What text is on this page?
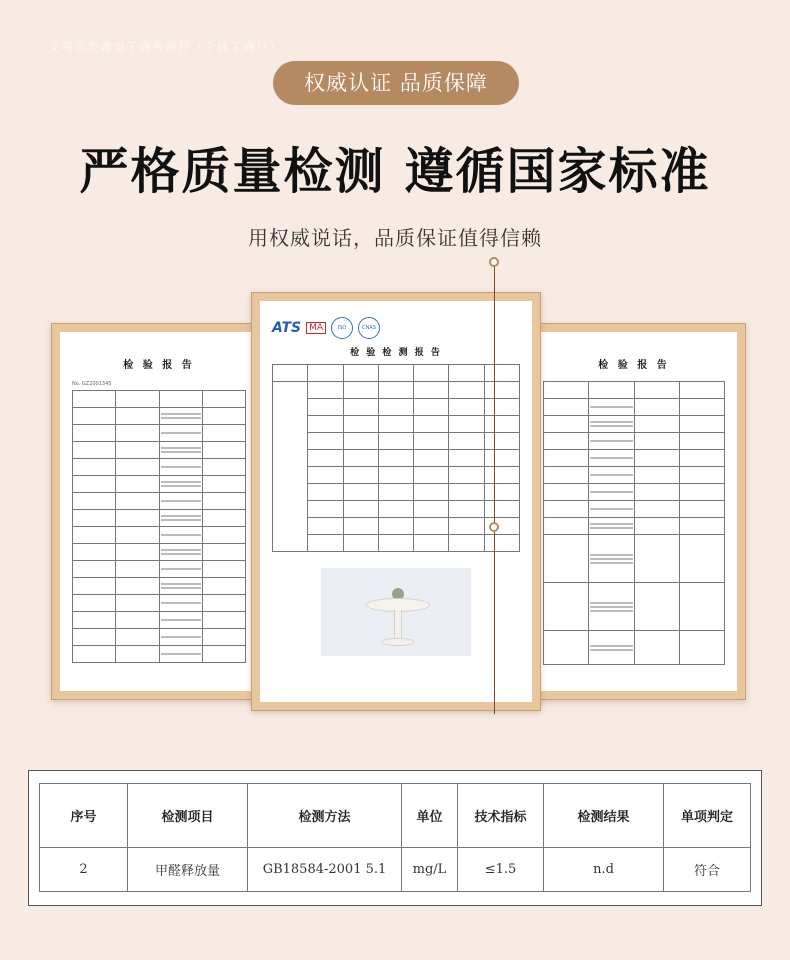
义乌市炎鑫电子商务商行（个体工商户）
权威认证 品质保障
严格质量检测 遵循国家标准
用权威说话，品质保证值得信赖
检 验 报 告
No. GZ2001345

检 验 报 告

ATS MA	ISO	CNAS
检 验 检 测 报 告

序号	检测项目	检测方法	单位	技术指标	检测结果	单项判定
2	甲醛释放量	GB18584-2001 5.1	mg/L	≤1.5	n.d	符合
